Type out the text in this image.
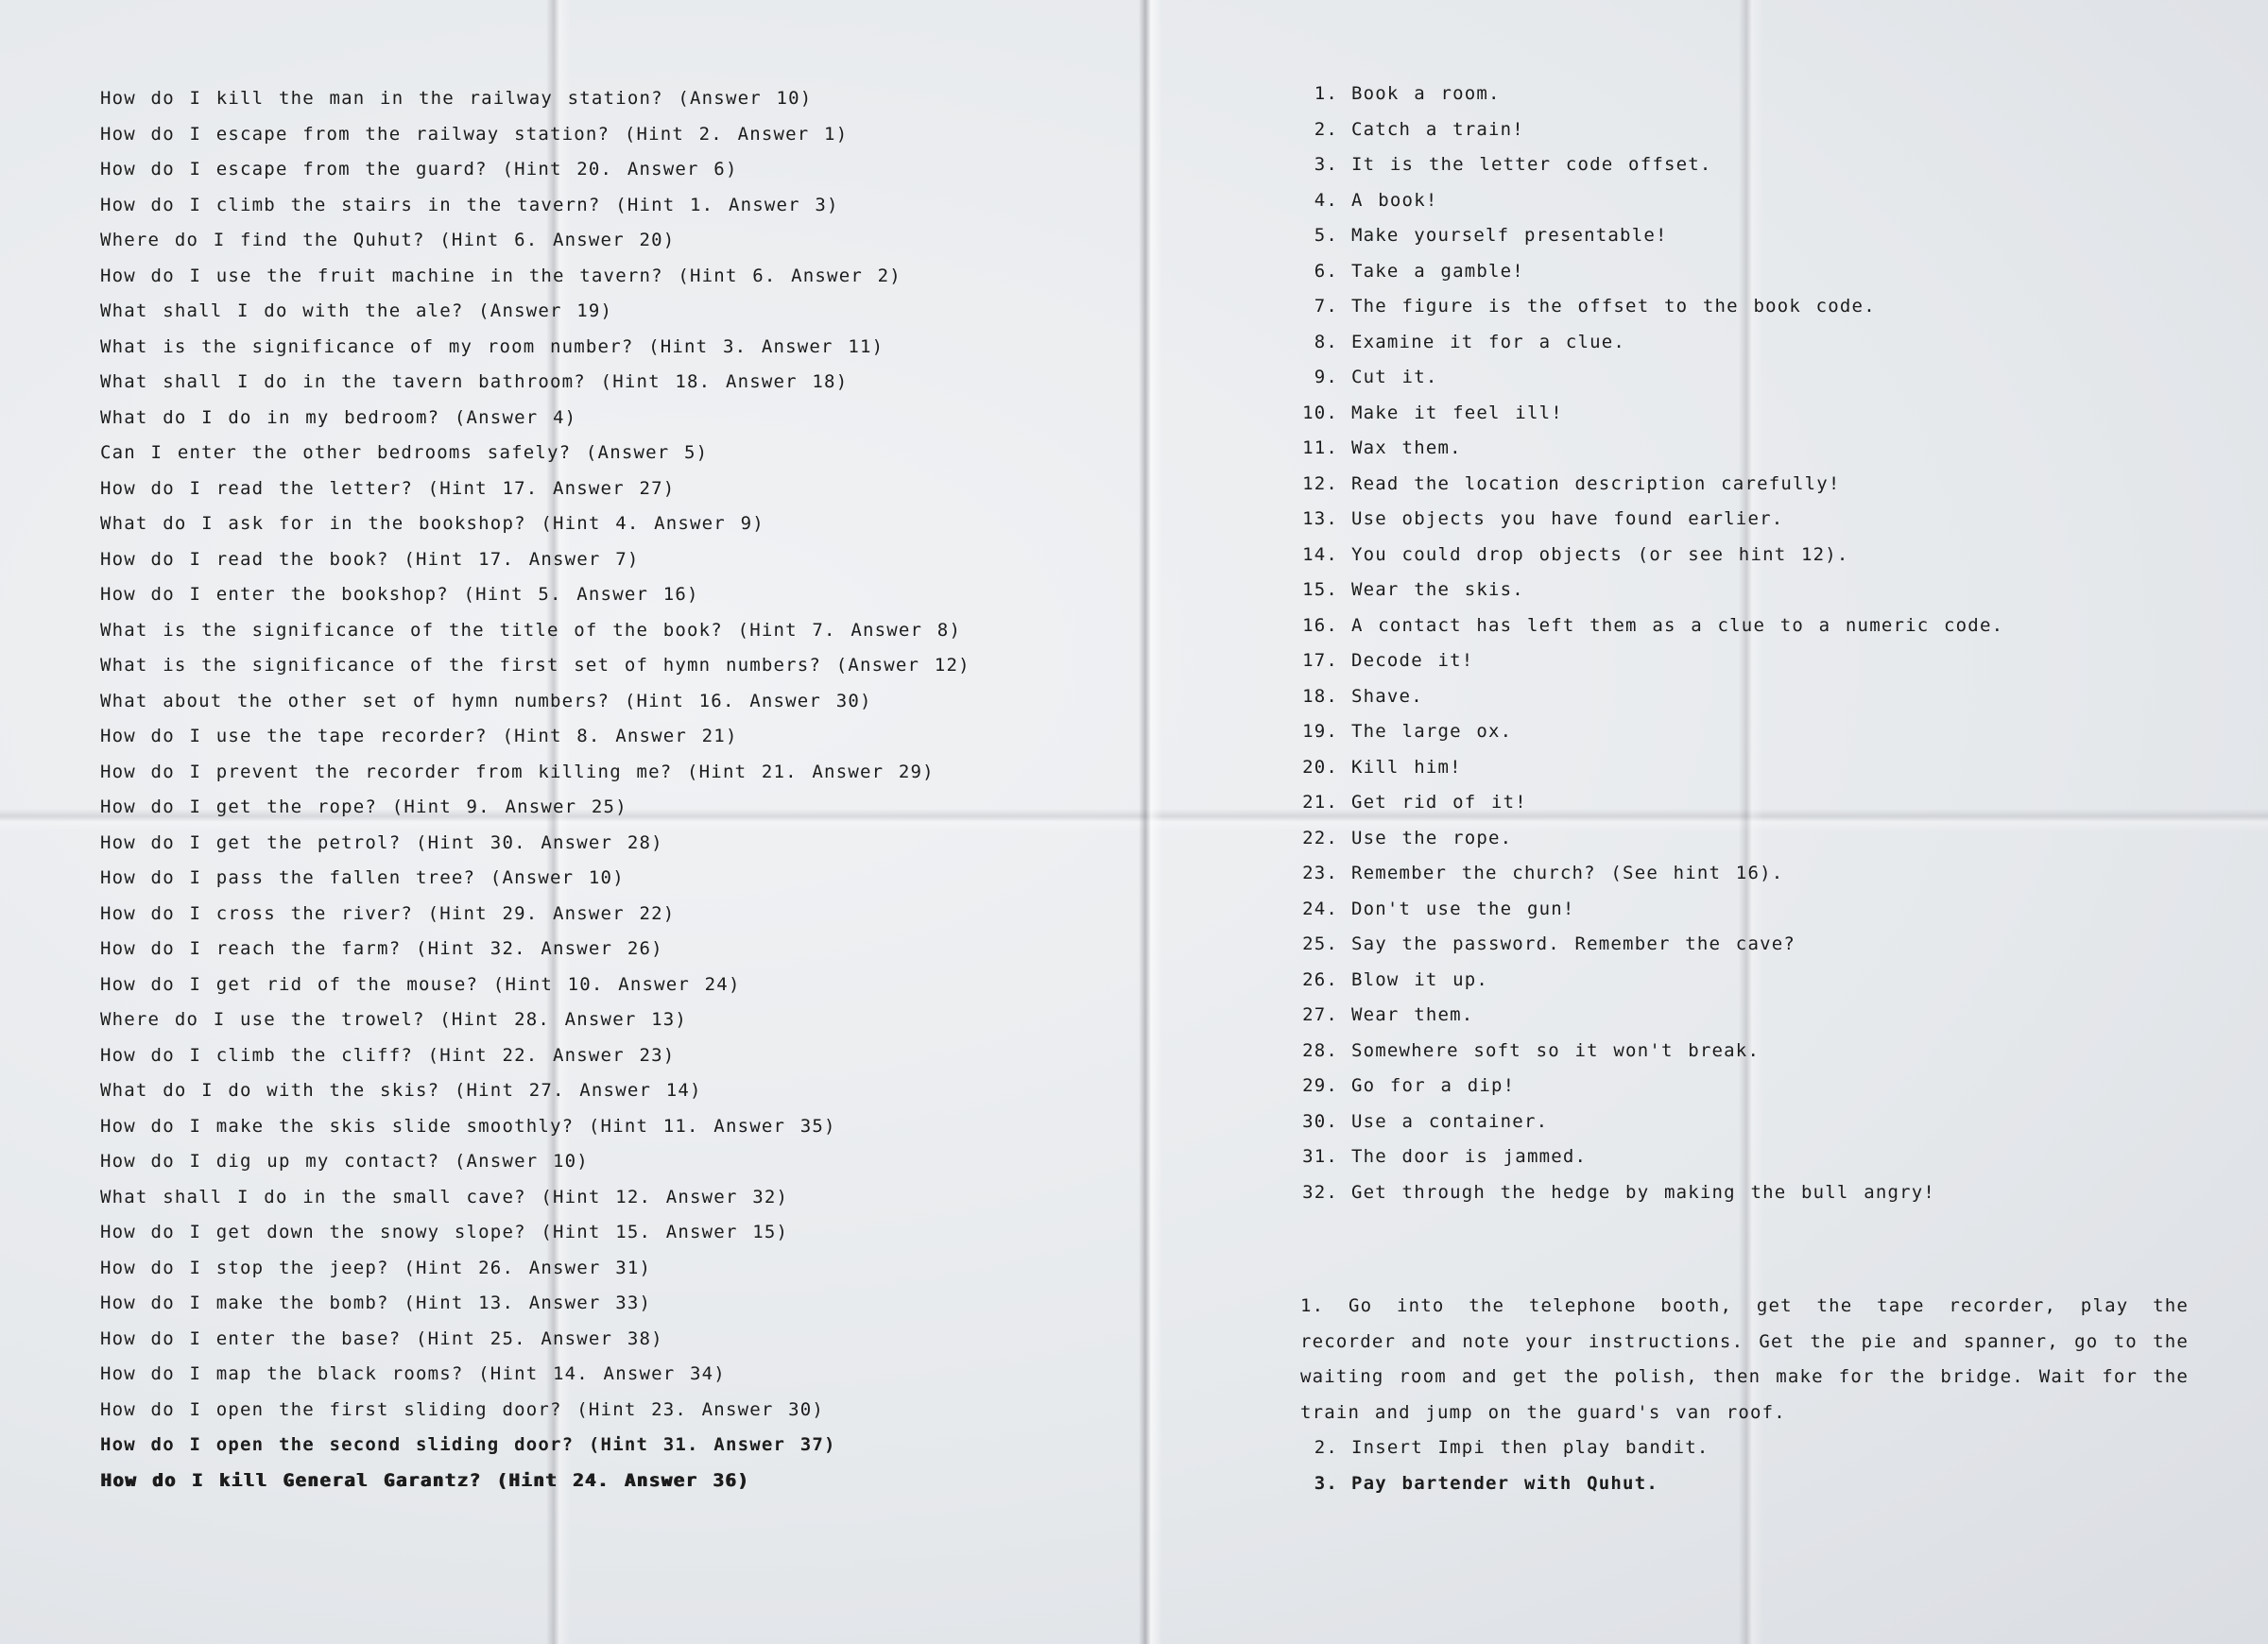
How do I kill the man in the railway station? (Answer 10)
How do I escape from the railway station? (Hint 2. Answer 1)
How do I escape from the guard? (Hint 20. Answer 6)
How do I climb the stairs in the tavern? (Hint 1. Answer 3)
Where do I find the Quhut? (Hint 6. Answer 20)
How do I use the fruit machine in the tavern? (Hint 6. Answer 2)
What shall I do with the ale? (Answer 19)
What is the significance of my room number? (Hint 3. Answer 11)
What shall I do in the tavern bathroom? (Hint 18. Answer 18)
What do I do in my bedroom? (Answer 4)
Can I enter the other bedrooms safely? (Answer 5)
How do I read the letter? (Hint 17. Answer 27)
What do I ask for in the bookshop? (Hint 4. Answer 9)
How do I read the book? (Hint 17. Answer 7)
How do I enter the bookshop? (Hint 5. Answer 16)
What is the significance of the title of the book? (Hint 7. Answer 8)
What is the significance of the first set of hymn numbers? (Answer 12)
What about the other set of hymn numbers? (Hint 16. Answer 30)
How do I use the tape recorder? (Hint 8. Answer 21)
How do I prevent the recorder from killing me? (Hint 21. Answer 29)
How do I get the rope? (Hint 9. Answer 25)
How do I get the petrol? (Hint 30. Answer 28)
How do I pass the fallen tree? (Answer 10)
How do I cross the river? (Hint 29. Answer 22)
How do I reach the farm? (Hint 32. Answer 26)
How do I get rid of the mouse? (Hint 10. Answer 24)
Where do I use the trowel? (Hint 28. Answer 13)
How do I climb the cliff? (Hint 22. Answer 23)
What do I do with the skis? (Hint 27. Answer 14)
How do I make the skis slide smoothly? (Hint 11. Answer 35)
How do I dig up my contact? (Answer 10)
What shall I do in the small cave? (Hint 12. Answer 32)
How do I get down the snowy slope? (Hint 15. Answer 15)
How do I stop the jeep? (Hint 26. Answer 31)
How do I make the bomb? (Hint 13. Answer 33)
How do I enter the base? (Hint 25. Answer 38)
How do I map the black rooms? (Hint 14. Answer 34)
How do I open the first sliding door? (Hint 23. Answer 30)
How do I open the second sliding door? (Hint 31. Answer 37)
How do I kill General Garantz? (Hint 24. Answer 36)
1. Book a room.
2. Catch a train!
3. It is the letter code offset.
4. A book!
5. Make yourself presentable!
6. Take a gamble!
7. The figure is the offset to the book code.
8. Examine it for a clue.
9. Cut it.
10. Make it feel ill!
11. Wax them.
12. Read the location description carefully!
13. Use objects you have found earlier.
14. You could drop objects (or see hint 12).
15. Wear the skis.
16. A contact has left them as a clue to a numeric code.
17. Decode it!
18. Shave.
19. The large ox.
20. Kill him!
21. Get rid of it!
22. Use the rope.
23. Remember the church? (See hint 16).
24. Don't use the gun!
25. Say the password. Remember the cave?
26. Blow it up.
27. Wear them.
28. Somewhere soft so it won't break.
29. Go for a dip!
30. Use a container.
31. The door is jammed.
32. Get through the hedge by making the bull angry!
1. Go into the telephone booth, get the tape recorder, play the recorder and note your instructions. Get the pie and spanner, go to the waiting room and get the polish, then make for the bridge. Wait for the train and jump on the guard's van roof.
2. Insert Impi then play bandit.
3. Pay bartender with Quhut.
